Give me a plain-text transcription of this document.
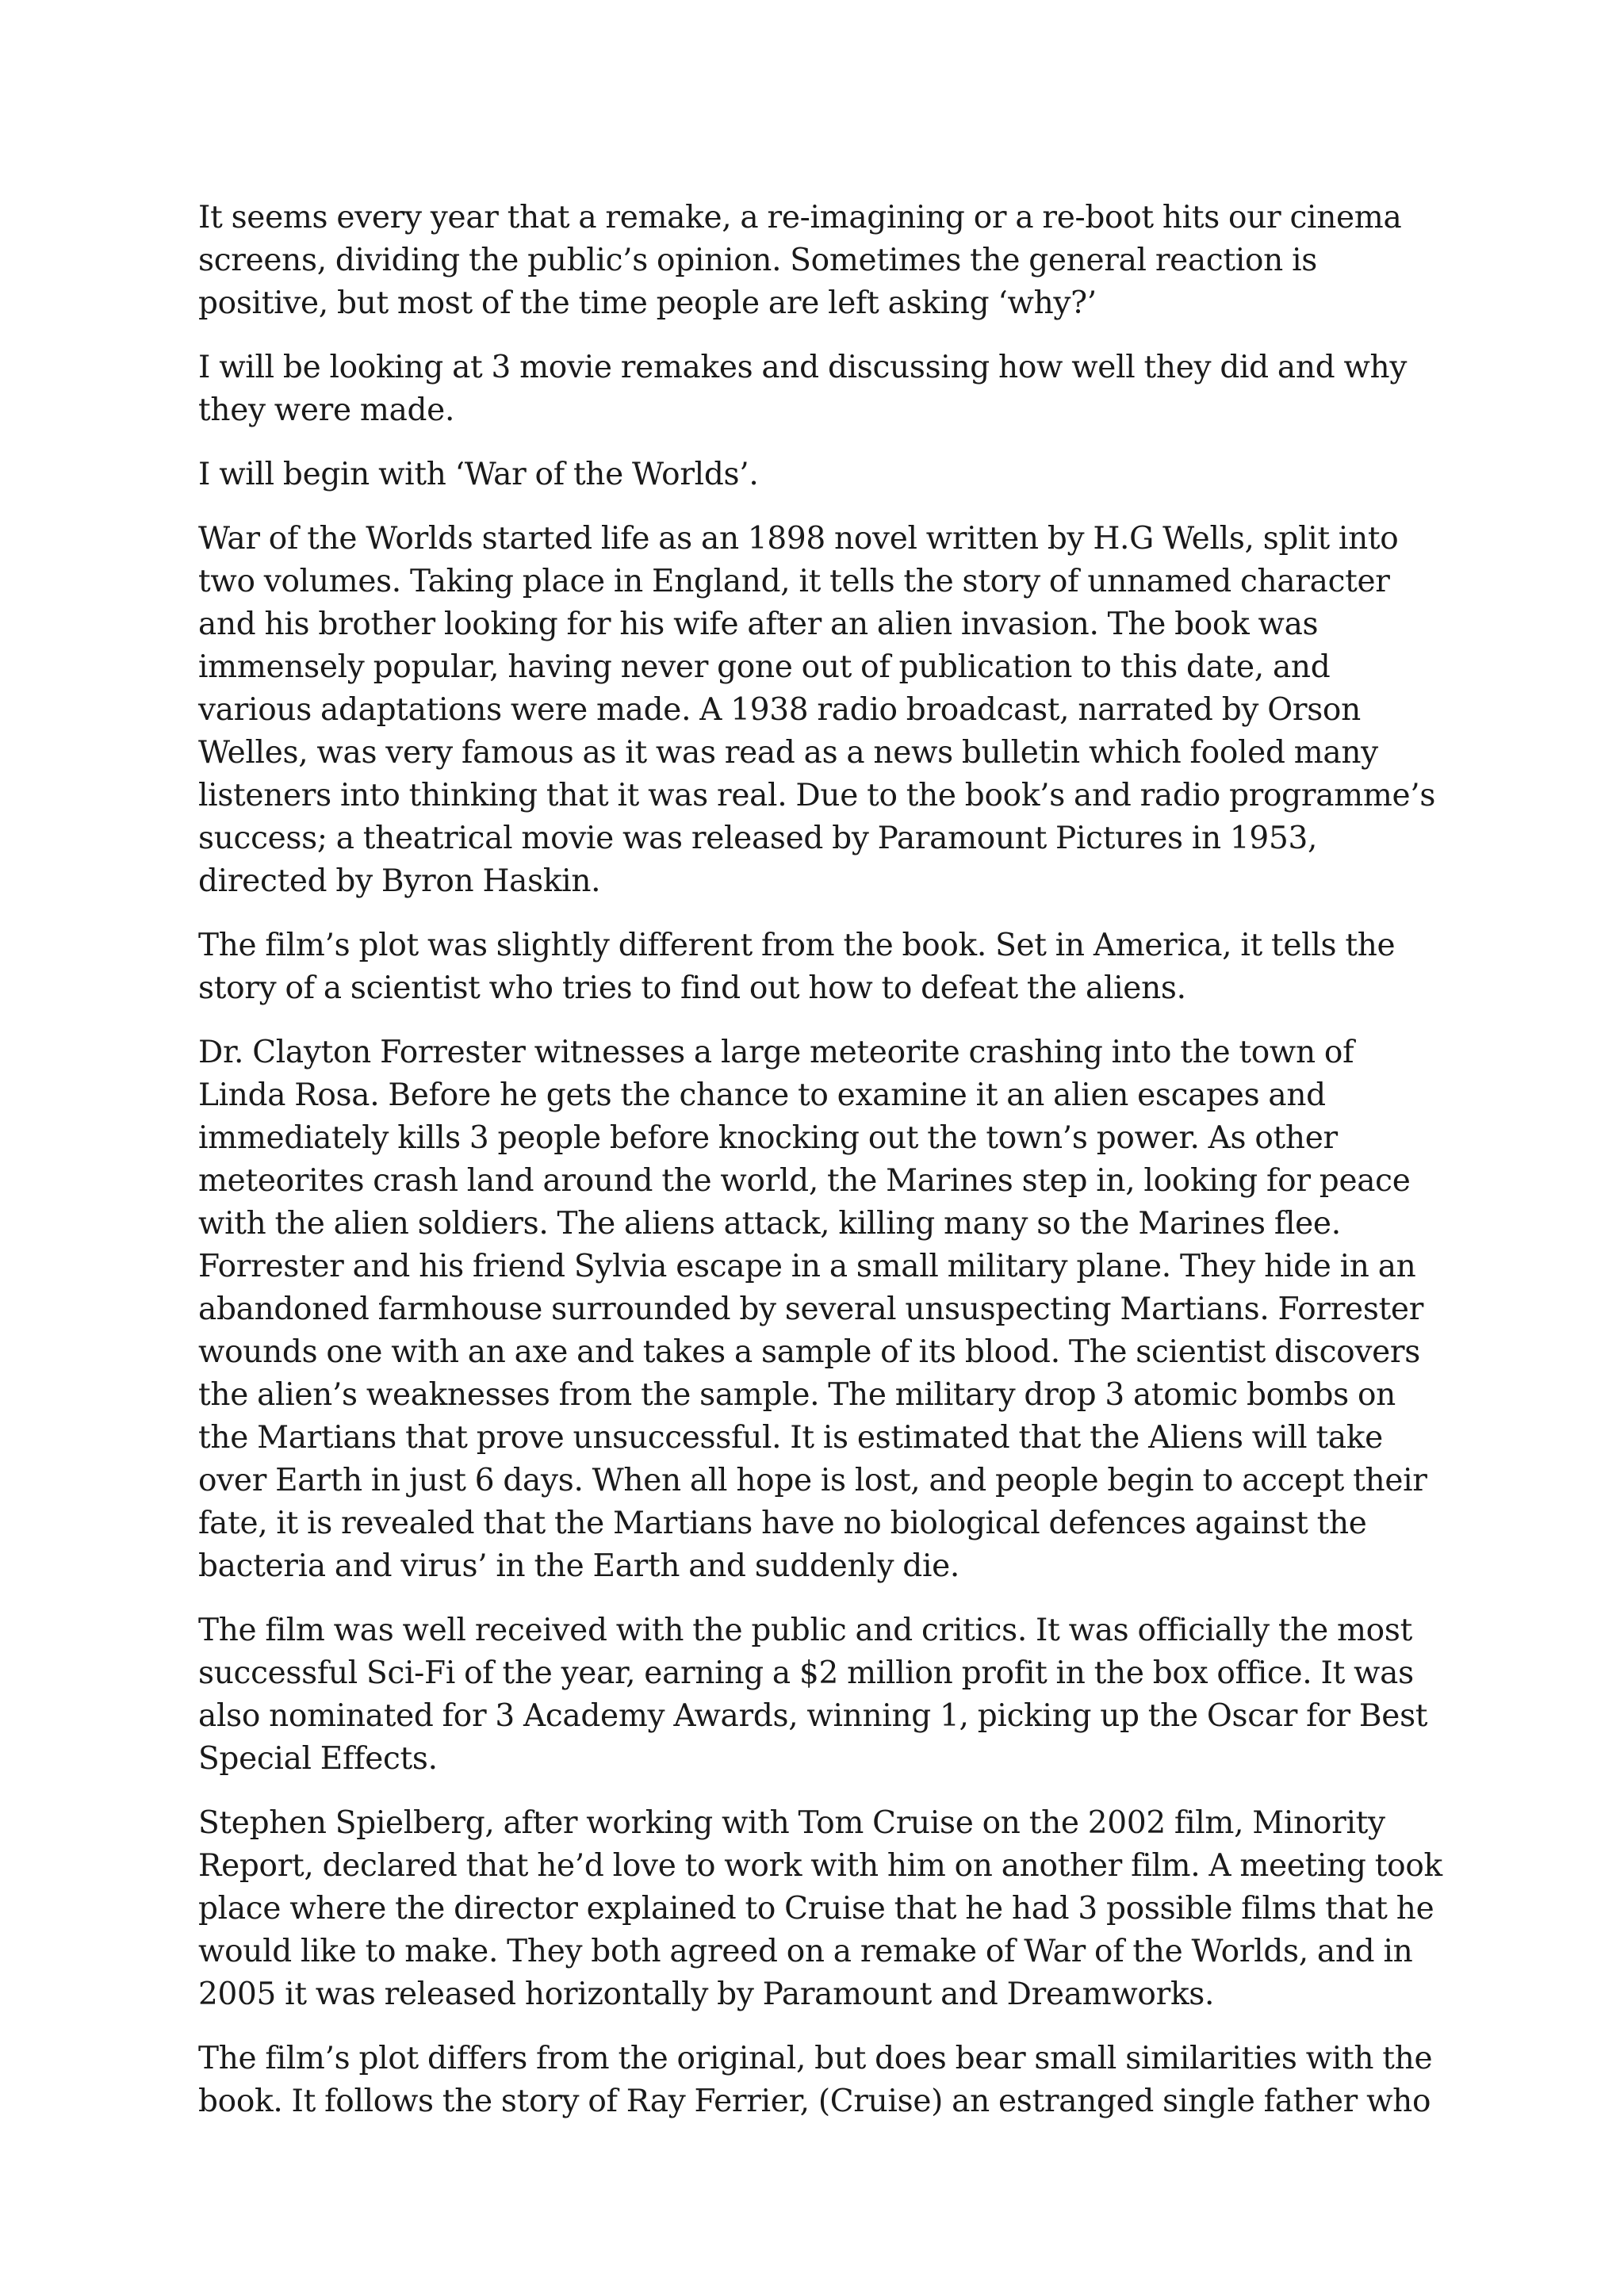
It seems every year that a remake, a re-imagining or a re-boot hits our cinema screens, dividing the public’s opinion. Sometimes the general reaction is positive, but most of the time people are left asking ‘why?’

I will be looking at 3 movie remakes and discussing how well they did and why they were made.

I will begin with ‘War of the Worlds’.

War of the Worlds started life as an 1898 novel written by H.G Wells, split into two volumes. Taking place in England, it tells the story of unnamed character and his brother looking for his wife after an alien invasion. The book was immensely popular, having never gone out of publication to this date, and various adaptations were made. A 1938 radio broadcast, narrated by Orson Welles, was very famous as it was read as a news bulletin which fooled many listeners into thinking that it was real. Due to the book’s and radio programme’s success; a theatrical movie was released by Paramount Pictures in 1953, directed by Byron Haskin.

The film’s plot was slightly different from the book. Set in America, it tells the story of a scientist who tries to find out how to defeat the aliens.

Dr. Clayton Forrester witnesses a large meteorite crashing into the town of Linda Rosa. Before he gets the chance to examine it an alien escapes and immediately kills 3 people before knocking out the town’s power. As other meteorites crash land around the world, the Marines step in, looking for peace with the alien soldiers. The aliens attack, killing many so the Marines flee. Forrester and his friend Sylvia escape in a small military plane. They hide in an abandoned farmhouse surrounded by several unsuspecting Martians. Forrester wounds one with an axe and takes a sample of its blood. The scientist discovers the alien’s weaknesses from the sample. The military drop 3 atomic bombs on the Martians that prove unsuccessful. It is estimated that the Aliens will take over Earth in just 6 days. When all hope is lost, and people begin to accept their fate, it is revealed that the Martians have no biological defences against the bacteria and virus’ in the Earth and suddenly die.

The film was well received with the public and critics. It was officially the most successful Sci-Fi of the year, earning a $2 million profit in the box office. It was also nominated for 3 Academy Awards, winning 1, picking up the Oscar for Best Special Effects.

Stephen Spielberg, after working with Tom Cruise on the 2002 film, Minority Report, declared that he’d love to work with him on another film. A meeting took place where the director explained to Cruise that he had 3 possible films that he would like to make. They both agreed on a remake of War of the Worlds, and in 2005 it was released horizontally by Paramount and Dreamworks.

The film’s plot differs from the original, but does bear small similarities with the book. It follows the story of Ray Ferrier, (Cruise) an estranged single father who
